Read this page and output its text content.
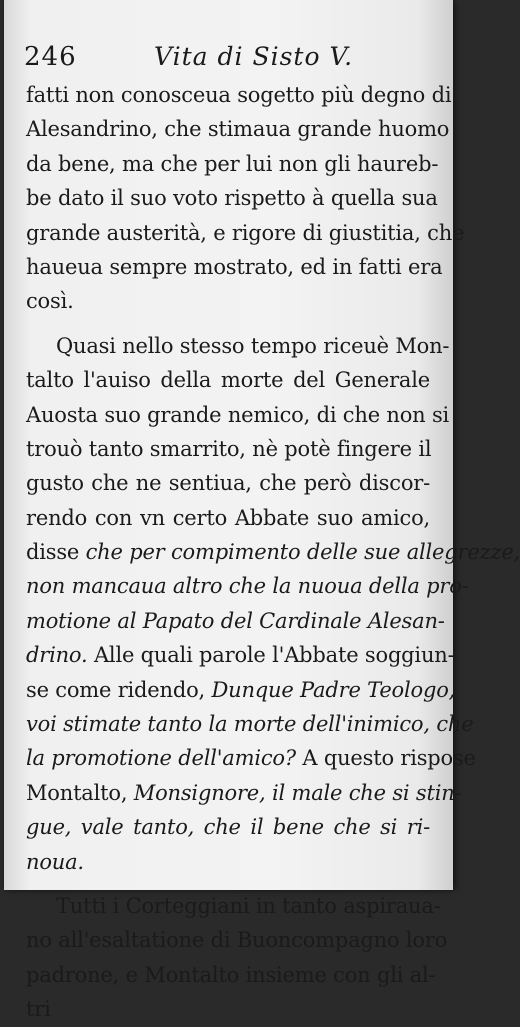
246	Vita di Sisto V.
fatti non conosceua sogetto più degno di
Alesandrino, che stimaua grande huomo
da bene, ma che per lui non gli haureb-
be dato il suo voto rispetto à quella sua
grande austerità, e rigore di giustitia, che
haueua sempre mostrato, ed in fatti era
così.
Quasi nello stesso tempo riceuè Mon-
talto l'auiso della morte del Generale
Auosta suo grande nemico, di che non si
trouò tanto smarrito, nè potè fingere il
gusto che ne sentiua, che però discor-
rendo con vn certo Abbate suo amico,
disse che per compimento delle sue allegrezze,
non mancaua altro che la nuoua della pro-
motione al Papato del Cardinale Alesan-
drino. Alle quali parole l'Abbate soggiun-
se come ridendo, Dunque Padre Teologo,
voi stimate tanto la morte dell'inimico, che
la promotione dell'amico? A questo rispose
Montalto, Monsignore, il male che si stin-
gue, vale tanto, che il bene che si ri-
noua.
Tutti i Corteggiani in tanto aspirauа-
no all'esaltatione di Buoncompagno loro
padrone, e Montalto insieme con gli al-
tri
